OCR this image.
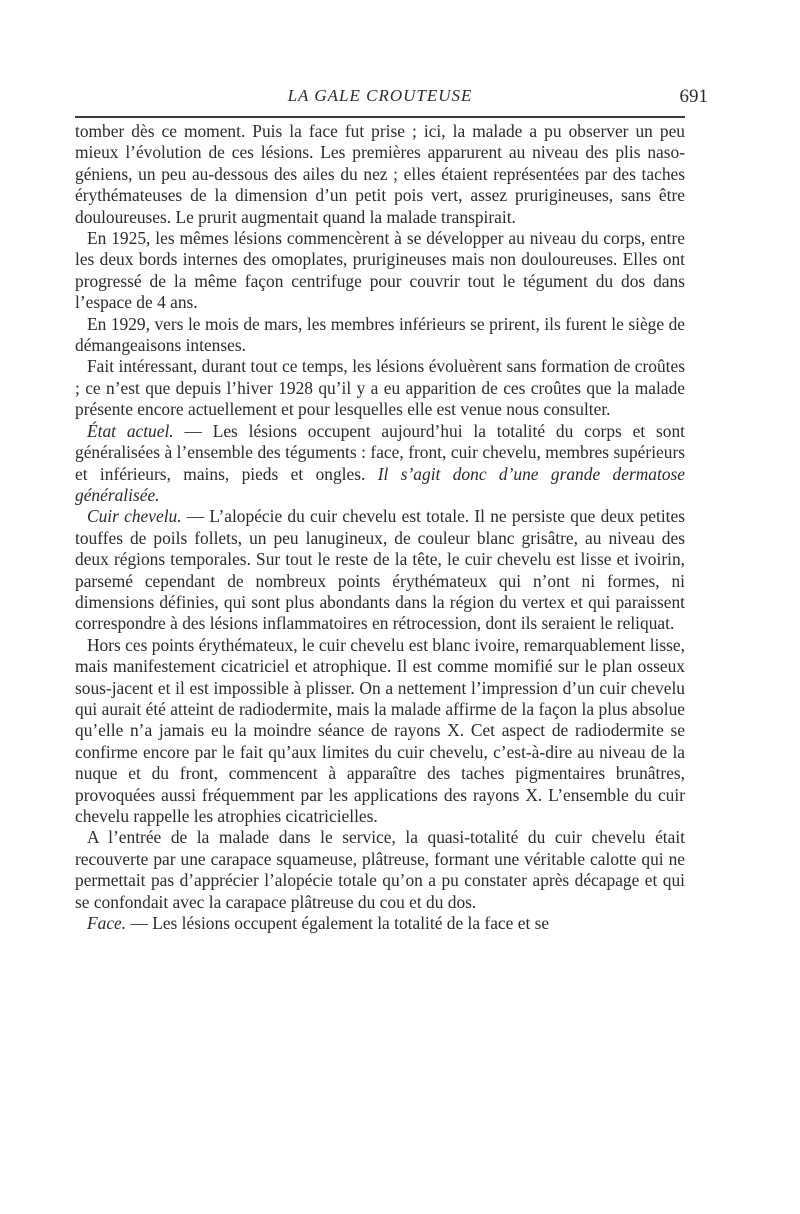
LA GALE CROUTEUSE	691

tomber dès ce moment. Puis la face fut prise ; ici, la malade a pu observer un peu mieux l’évolution de ces lésions. Les premières apparurent au niveau des plis naso-géniens, un peu au-dessous des ailes du nez ; elles étaient représentées par des taches érythémateuses de la dimension d’un petit pois vert, assez prurigineuses, sans être douloureuses. Le prurit augmentait quand la malade transpirait.

En 1925, les mêmes lésions commencèrent à se développer au niveau du corps, entre les deux bords internes des omoplates, prurigineuses mais non douloureuses. Elles ont progressé de la même façon centrifuge pour couvrir tout le tégument du dos dans l’espace de 4 ans.

En 1929, vers le mois de mars, les membres inférieurs se prirent, ils furent le siège de démangeaisons intenses.

Fait intéressant, durant tout ce temps, les lésions évoluèrent sans formation de croûtes ; ce n’est que depuis l’hiver 1928 qu’il y a eu apparition de ces croûtes que la malade présente encore actuellement et pour lesquelles elle est venue nous consulter.

État actuel. — Les lésions occupent aujourd’hui la totalité du corps et sont généralisées à l’ensemble des téguments : face, front, cuir chevelu, membres supérieurs et inférieurs, mains, pieds et ongles. Il s’agit donc d’une grande dermatose généralisée.

Cuir chevelu. — L’alopécie du cuir chevelu est totale. Il ne persiste que deux petites touffes de poils follets, un peu lanugineux, de couleur blanc grisâtre, au niveau des deux régions temporales. Sur tout le reste de la tête, le cuir chevelu est lisse et ivoirin, parsemé cependant de nombreux points érythémateux qui n’ont ni formes, ni dimensions définies, qui sont plus abondants dans la région du vertex et qui paraissent correspondre à des lésions inflammatoires en rétrocession, dont ils seraient le reliquat.

Hors ces points érythémateux, le cuir chevelu est blanc ivoire, remarquablement lisse, mais manifestement cicatriciel et atrophique. Il est comme momifié sur le plan osseux sous-jacent et il est impossible à plisser. On a nettement l’impression d’un cuir chevelu qui aurait été atteint de radiodermite, mais la malade affirme de la façon la plus absolue qu’elle n’a jamais eu la moindre séance de rayons X. Cet aspect de radiodermite se confirme encore par le fait qu’aux limites du cuir chevelu, c’est-à-dire au niveau de la nuque et du front, commencent à apparaître des taches pigmentaires brunâtres, provoquées aussi fréquemment par les applications des rayons X. L’ensemble du cuir chevelu rappelle les atrophies cicatricielles.

A l’entrée de la malade dans le service, la quasi-totalité du cuir chevelu était recouverte par une carapace squameuse, plâtreuse, formant une véritable calotte qui ne permettait pas d’apprécier l’alopécie totale qu’on a pu constater après décapage et qui se confondait avec la carapace plâtreuse du cou et du dos.

Face. — Les lésions occupent également la totalité de la face et se
